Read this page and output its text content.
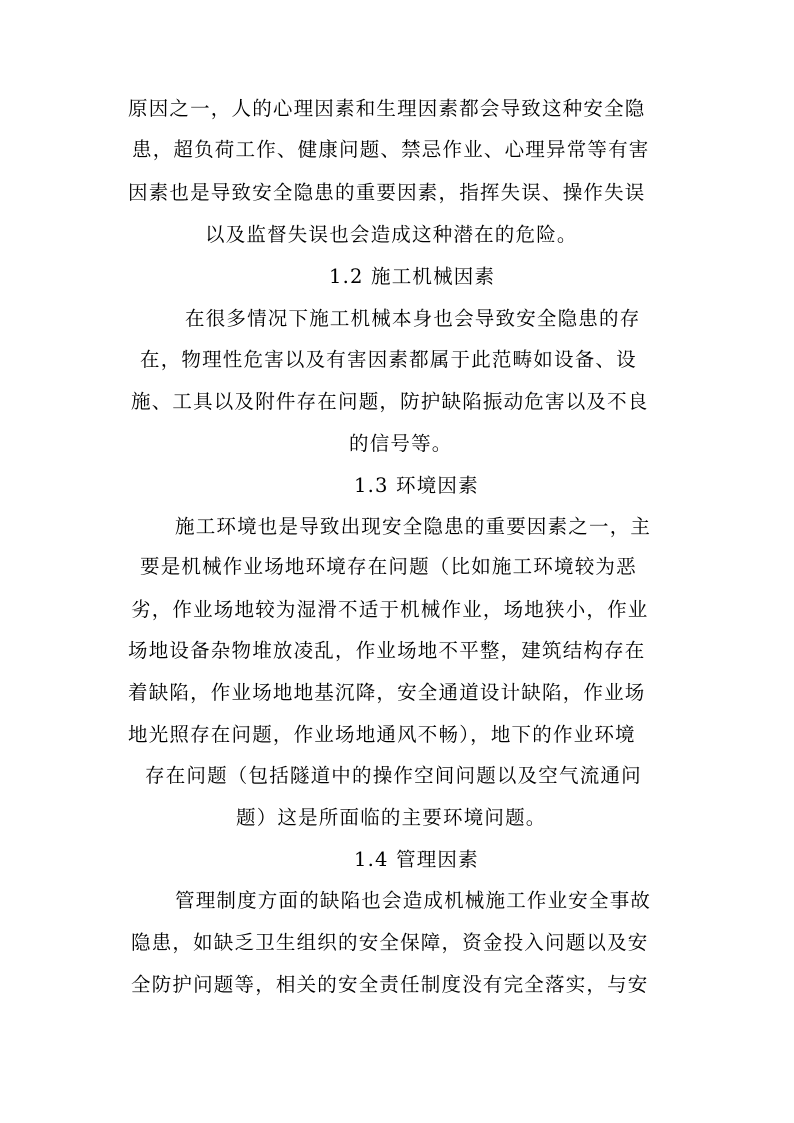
原因之一，人的心理因素和生理因素都会导致这种安全隐
患，超负荷工作、健康问题、禁忌作业、心理异常等有害
因素也是导致安全隐患的重要因素，指挥失误、操作失误
以及监督失误也会造成这种潜在的危险。
1.2 施工机械因素
在很多情况下施工机械本身也会导致安全隐患的存
在，物理性危害以及有害因素都属于此范畴如设备、设
施、工具以及附件存在问题，防护缺陷振动危害以及不良
的信号等。
1.3 环境因素
施工环境也是导致出现安全隐患的重要因素之一，主
要是机械作业场地环境存在问题（比如施工环境较为恶
劣，作业场地较为湿滑不适于机械作业，场地狭小，作业
场地设备杂物堆放凌乱，作业场地不平整，建筑结构存在
着缺陷，作业场地地基沉降，安全通道设计缺陷，作业场
地光照存在问题，作业场地通风不畅），地下的作业环境
存在问题（包括隧道中的操作空间问题以及空气流通问
题）这是所面临的主要环境问题。
1.4 管理因素
管理制度方面的缺陷也会造成机械施工作业安全事故
隐患，如缺乏卫生组织的安全保障，资金投入问题以及安
全防护问题等，相关的安全责任制度没有完全落实，与安
